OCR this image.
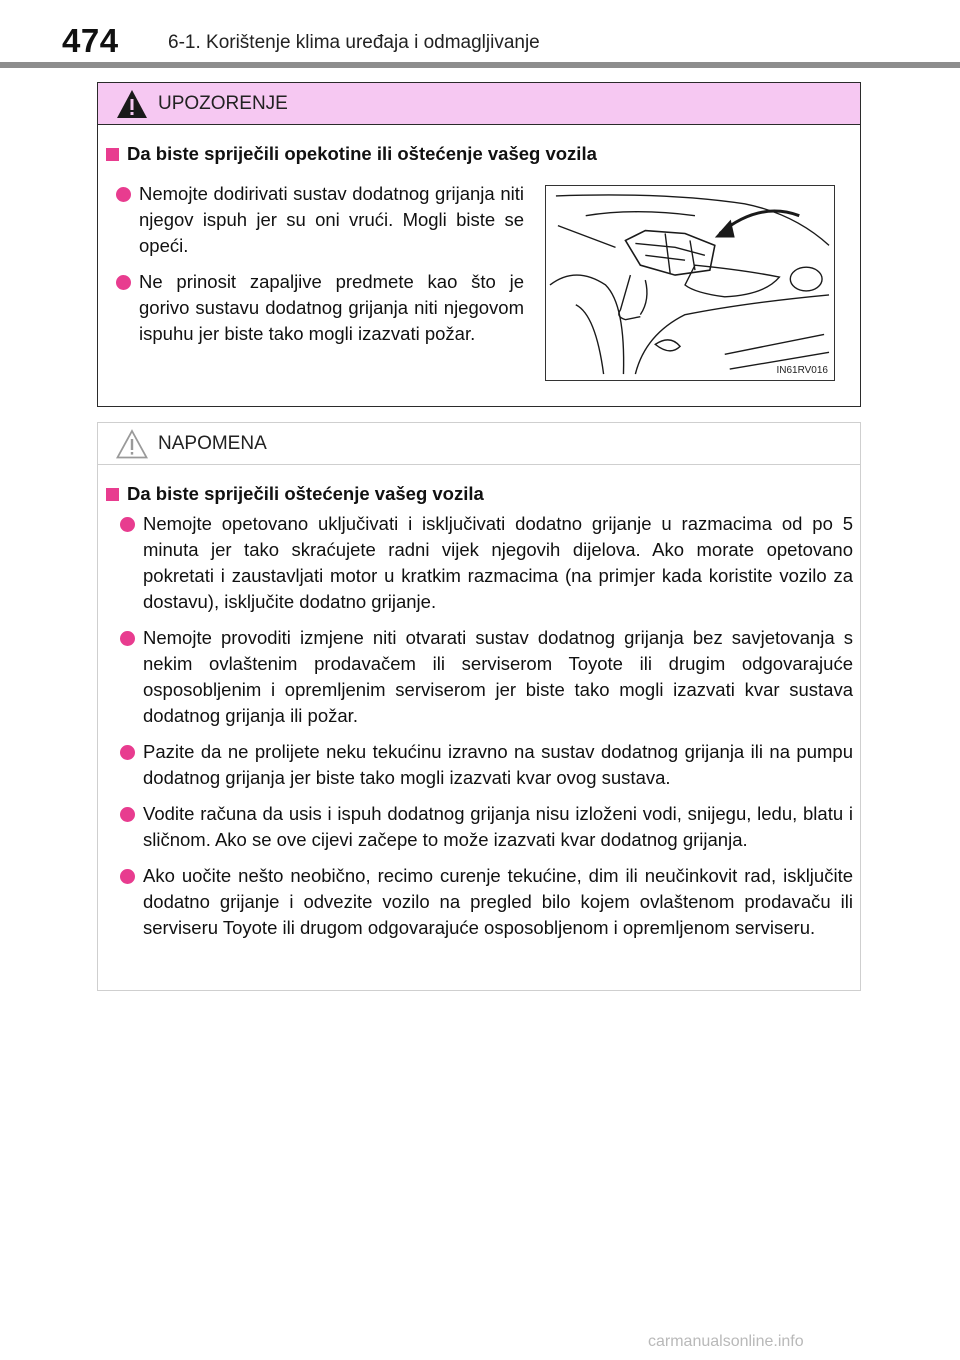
474	6-1. Korištenje klima uređaja i odmagljivanje
UPOZORENJE
Da biste spriječili opekotine ili oštećenje vašeg vozila
Nemojte dodirivati sustav dodatnog grijanja niti njegov ispuh jer su oni vrući. Mogli biste se opeći.
Ne prinosit zapaljive predmete kao što je gorivo sustavu dodatnog grijanja niti njegovom ispuhu jer biste tako mogli izazvati požar.
IN61RV016
NAPOMENA
Da biste spriječili oštećenje vašeg vozila
Nemojte opetovano uključivati i isključivati dodatno grijanje u razmacima od po 5 minuta jer tako skraćujete radni vijek njegovih dijelova. Ako morate opetovano pokretati i zaustavljati motor u kratkim razmacima (na primjer kada koristite vozilo za dostavu), isključite dodatno grijanje.
Nemojte provoditi izmjene niti otvarati sustav dodatnog grijanja bez savjetovanja s nekim ovlaštenim prodavačem ili serviserom Toyote ili drugim odgovarajuće osposobljenim i opremljenim serviserom jer biste tako mogli izazvati kvar sustava dodatnog grijanja ili požar.
Pazite da ne prolijete neku tekućinu izravno na sustav dodatnog grijanja ili na pumpu dodatnog grijanja jer biste tako mogli izazvati kvar ovog sustava.
Vodite računa da usis i ispuh dodatnog grijanja nisu izloženi vodi, snijegu, ledu, blatu i sličnom. Ako se ove cijevi začepe to može izazvati kvar dodatnog grijanja.
Ako uočite nešto neobično, recimo curenje tekućine, dim ili neučinkovit rad, isključite dodatno grijanje i odvezite vozilo na pregled bilo kojem ovlaštenom prodavaču ili serviseru Toyote ili drugom odgovarajuće osposobljenom i opremljenom serviseru.
carmanualsonline.info
